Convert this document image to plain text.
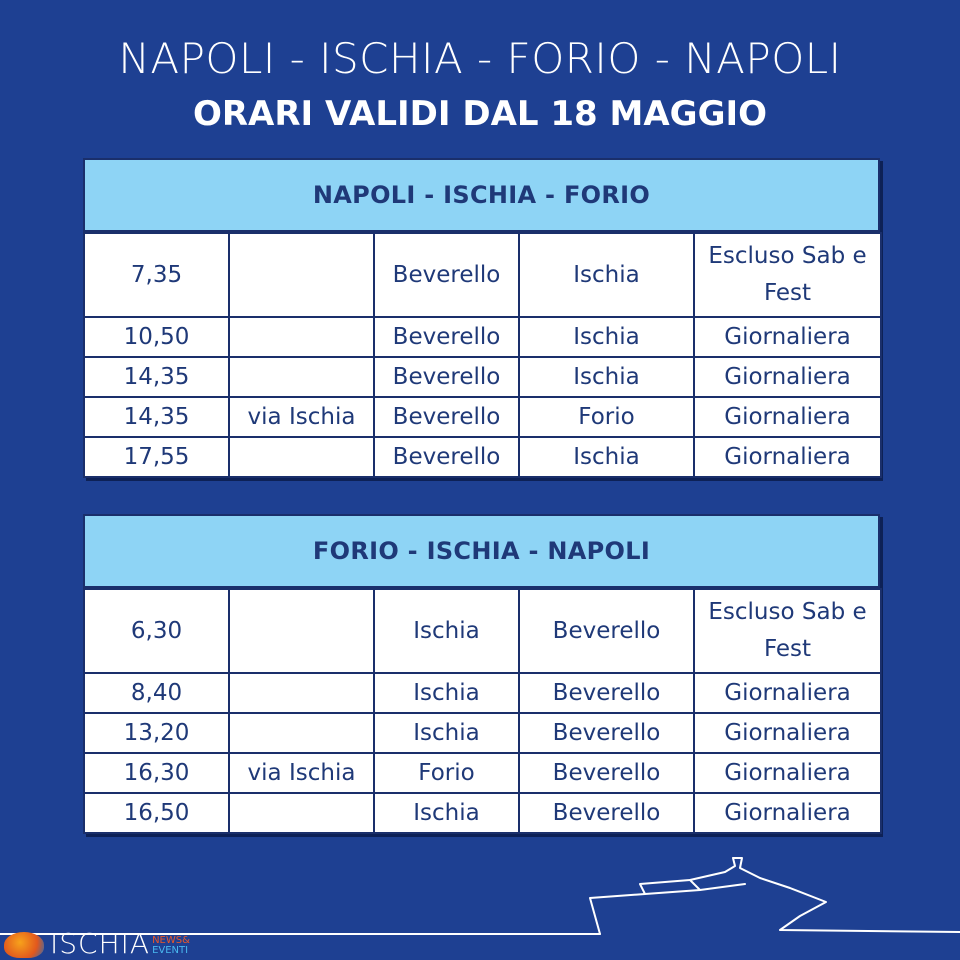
NAPOLI - ISCHIA - FORIO - NAPOLI
ORARI VALIDI DAL 18 MAGGIO
NAPOLI - ISCHIA - FORIO
7,35		Beverello	Ischia	Escluso Sab e Fest
10,50		Beverello	Ischia	Giornaliera
14,35		Beverello	Ischia	Giornaliera
14,35	via Ischia	Beverello	Forio	Giornaliera
17,55		Beverello	Ischia	Giornaliera
FORIO - ISCHIA - NAPOLI
6,30		Ischia	Beverello	Escluso Sab e Fest
8,40		Ischia	Beverello	Giornaliera
13,20		Ischia	Beverello	Giornaliera
16,30	via Ischia	Forio	Beverello	Giornaliera
16,50		Ischia	Beverello	Giornaliera
ISCHIA NEWS&
EVENTI
